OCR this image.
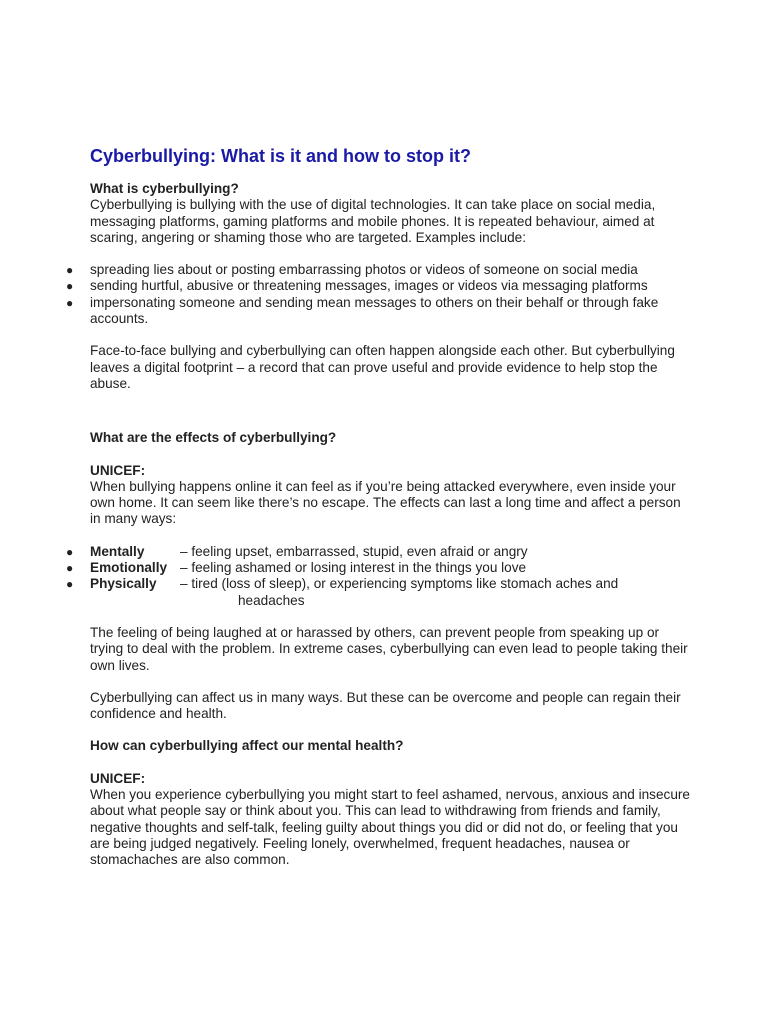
Cyberbullying: What is it and how to stop it?

What is cyberbullying?

Cyberbullying is bullying with the use of digital technologies. It can take place on social media, messaging platforms, gaming platforms and mobile phones. It is repeated behaviour, aimed at scaring, angering or shaming those who are targeted. Examples include:

● spreading lies about or posting embarrassing photos or videos of someone on social media
● sending hurtful, abusive or threatening messages, images or videos via messaging platforms
● impersonating someone and sending mean messages to others on their behalf or through fake accounts.

Face-to-face bullying and cyberbullying can often happen alongside each other. But cyberbullying leaves a digital footprint – a record that can prove useful and provide evidence to help stop the abuse.

What are the effects of cyberbullying?

UNICEF:

When bullying happens online it can feel as if you’re being attacked everywhere, even inside your own home. It can seem like there’s no escape. The effects can last a long time and affect a person in many ways:

● Mentally	– feeling upset, embarrassed, stupid, even afraid or angry
● Emotionally – feeling ashamed or losing interest in the things you love
● Physically	– tired (loss of sleep), or experiencing symptoms like stomach aches and
headaches

The feeling of being laughed at or harassed by others, can prevent people from speaking up or trying to deal with the problem. In extreme cases, cyberbullying can even lead to people taking their own lives.

Cyberbullying can affect us in many ways. But these can be overcome and people can regain their confidence and health.

How can cyberbullying affect our mental health?

UNICEF:

When you experience cyberbullying you might start to feel ashamed, nervous, anxious and insecure about what people say or think about you. This can lead to withdrawing from friends and family, negative thoughts and self-talk, feeling guilty about things you did or did not do, or feeling that you are being judged negatively. Feeling lonely, overwhelmed, frequent headaches, nausea or stomachaches are also common.
